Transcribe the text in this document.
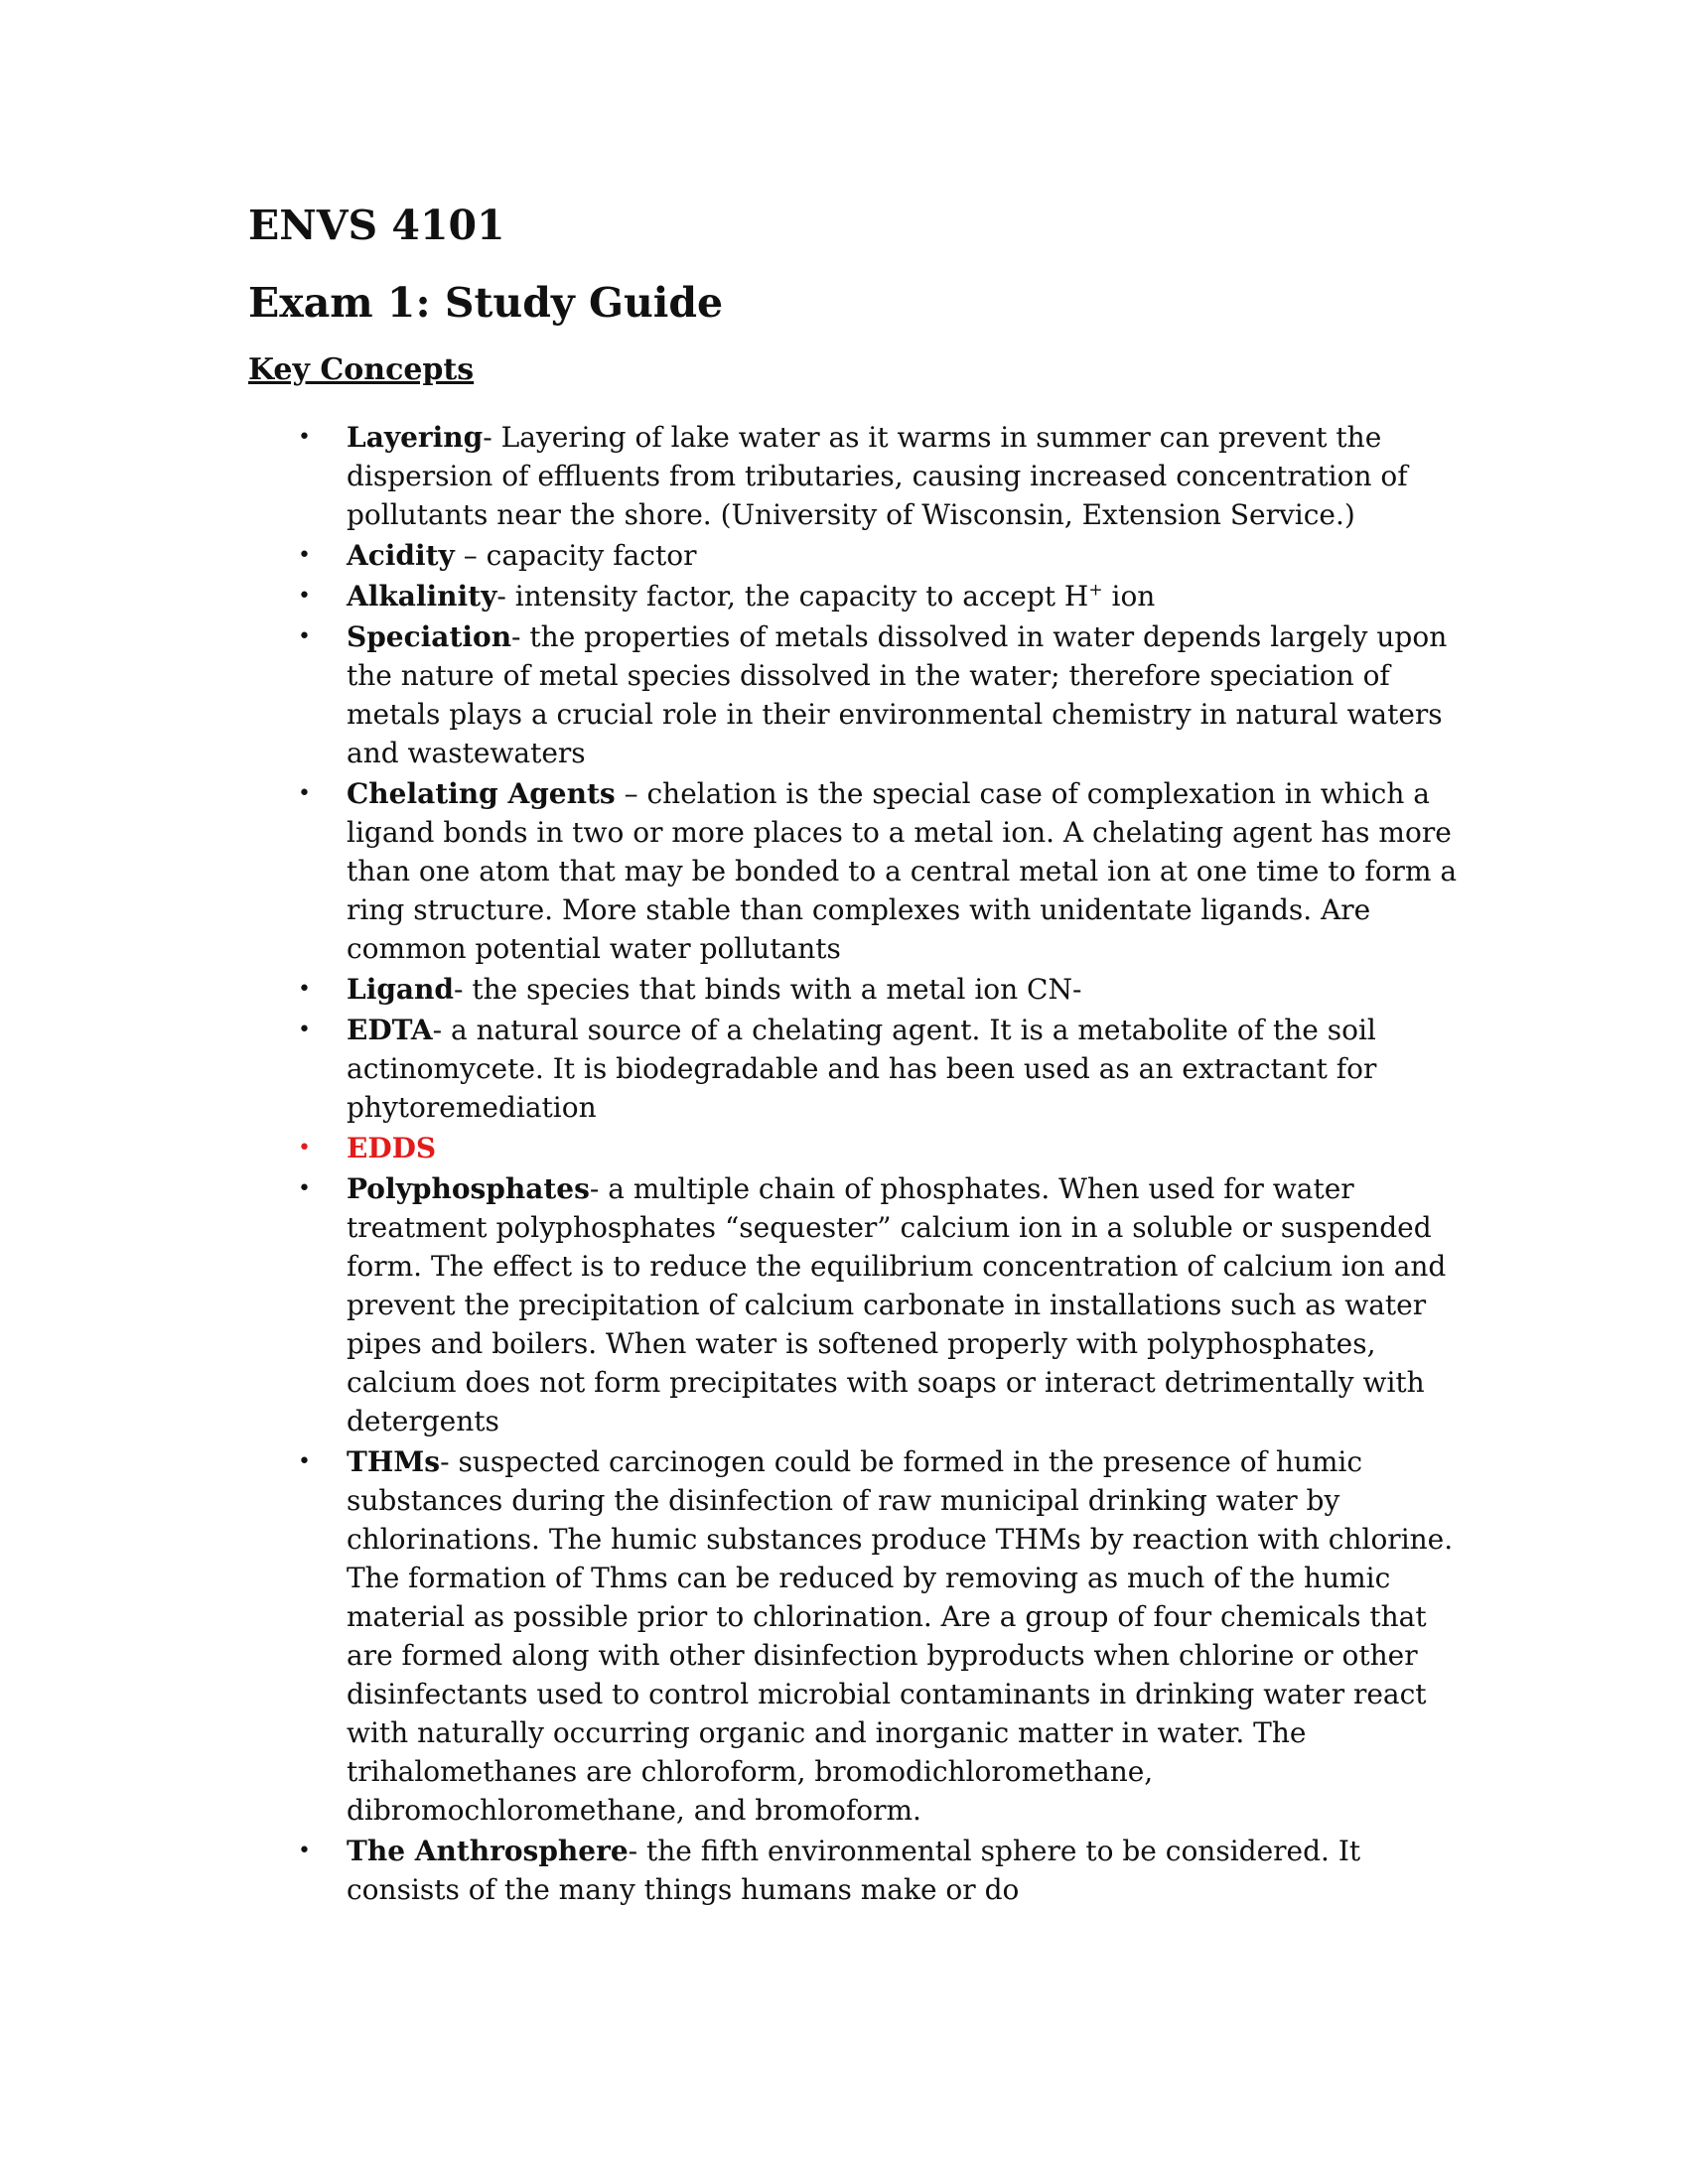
ENVS 4101
Exam 1: Study Guide
Key Concepts
• Layering- Layering of lake water as it warms in summer can prevent the dispersion of effluents from tributaries, causing increased concentration of pollutants near the shore. (University of Wisconsin, Extension Service.)
• Acidity – capacity factor
• Alkalinity- intensity factor, the capacity to accept H+ ion
• Speciation- the properties of metals dissolved in water depends largely upon the nature of metal species dissolved in the water; therefore speciation of metals plays a crucial role in their environmental chemistry in natural waters and wastewaters
• Chelating Agents – chelation is the special case of complexation in which a ligand bonds in two or more places to a metal ion. A chelating agent has more than one atom that may be bonded to a central metal ion at one time to form a ring structure. More stable than complexes with unidentate ligands. Are common potential water pollutants
• Ligand- the species that binds with a metal ion CN-
• EDTA- a natural source of a chelating agent. It is a metabolite of the soil actinomycete. It is biodegradable and has been used as an extractant for phytoremediation
• EDDS
• Polyphosphates- a multiple chain of phosphates. When used for water treatment polyphosphates “sequester” calcium ion in a soluble or suspended form. The effect is to reduce the equilibrium concentration of calcium ion and prevent the precipitation of calcium carbonate in installations such as water pipes and boilers. When water is softened properly with polyphosphates, calcium does not form precipitates with soaps or interact detrimentally with detergents
• THMs- suspected carcinogen could be formed in the presence of humic substances during the disinfection of raw municipal drinking water by chlorinations. The humic substances produce THMs by reaction with chlorine. The formation of Thms can be reduced by removing as much of the humic material as possible prior to chlorination. Are a group of four chemicals that are formed along with other disinfection byproducts when chlorine or other disinfectants used to control microbial contaminants in drinking water react with naturally occurring organic and inorganic matter in water. The trihalomethanes are chloroform, bromodichloromethane, dibromochloromethane, and bromoform.
• The Anthrosphere- the fifth environmental sphere to be considered. It consists of the many things humans make or do
